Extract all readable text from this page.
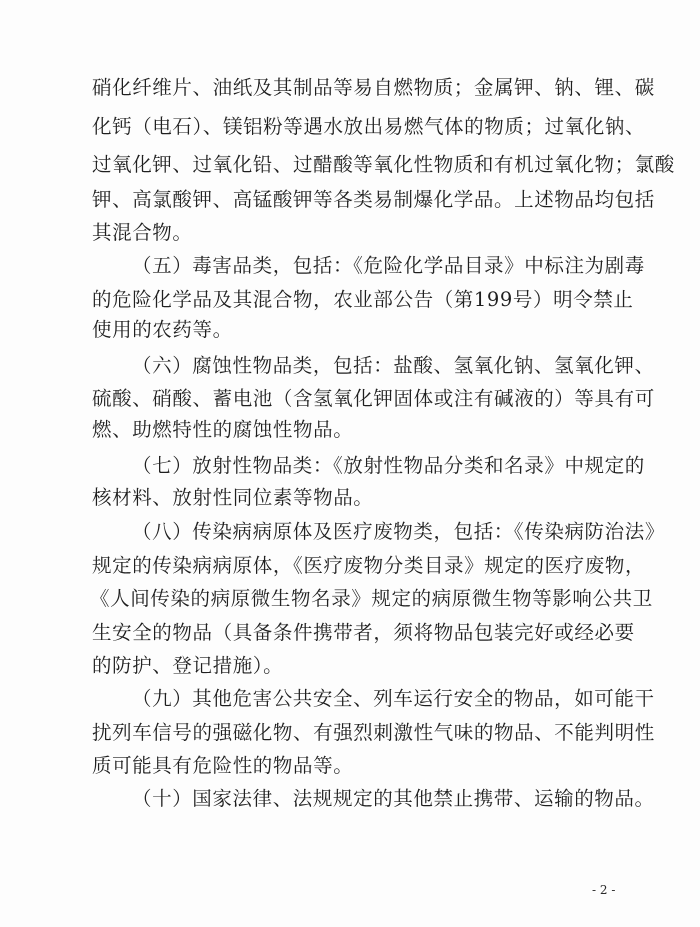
硝化纤维片、油纸及其制品等易自燃物质；金属钾、钠、锂、碳
化钙（电石）、镁铝粉等遇水放出易燃气体的物质；过氧化钠、
过氧化钾、过氧化铅、过醋酸等氧化性物质和有机过氧化物；氯酸
钾、高氯酸钾、高锰酸钾等各类易制爆化学品。上述物品均包括
其混合物。
（五）毒害品类，包括：《危险化学品目录》中标注为剧毒
的危险化学品及其混合物，农业部公告（第199号）明令禁止
使用的农药等。
（六）腐蚀性物品类，包括：盐酸、氢氧化钠、氢氧化钾、
硫酸、硝酸、蓄电池（含氢氧化钾固体或注有碱液的）等具有可
燃、助燃特性的腐蚀性物品。
（七）放射性物品类：《放射性物品分类和名录》中规定的
核材料、放射性同位素等物品。
（八）传染病病原体及医疗废物类，包括：《传染病防治法》
规定的传染病病原体，《医疗废物分类目录》规定的医疗废物，
《人间传染的病原微生物名录》规定的病原微生物等影响公共卫
生安全的物品（具备条件携带者，须将物品包装完好或经必要
的防护、登记措施）。
（九）其他危害公共安全、列车运行安全的物品，如可能干
扰列车信号的强磁化物、有强烈刺激性气味的物品、不能判明性
质可能具有危险性的物品等。
（十）国家法律、法规规定的其他禁止携带、运输的物品。
- 2 -
